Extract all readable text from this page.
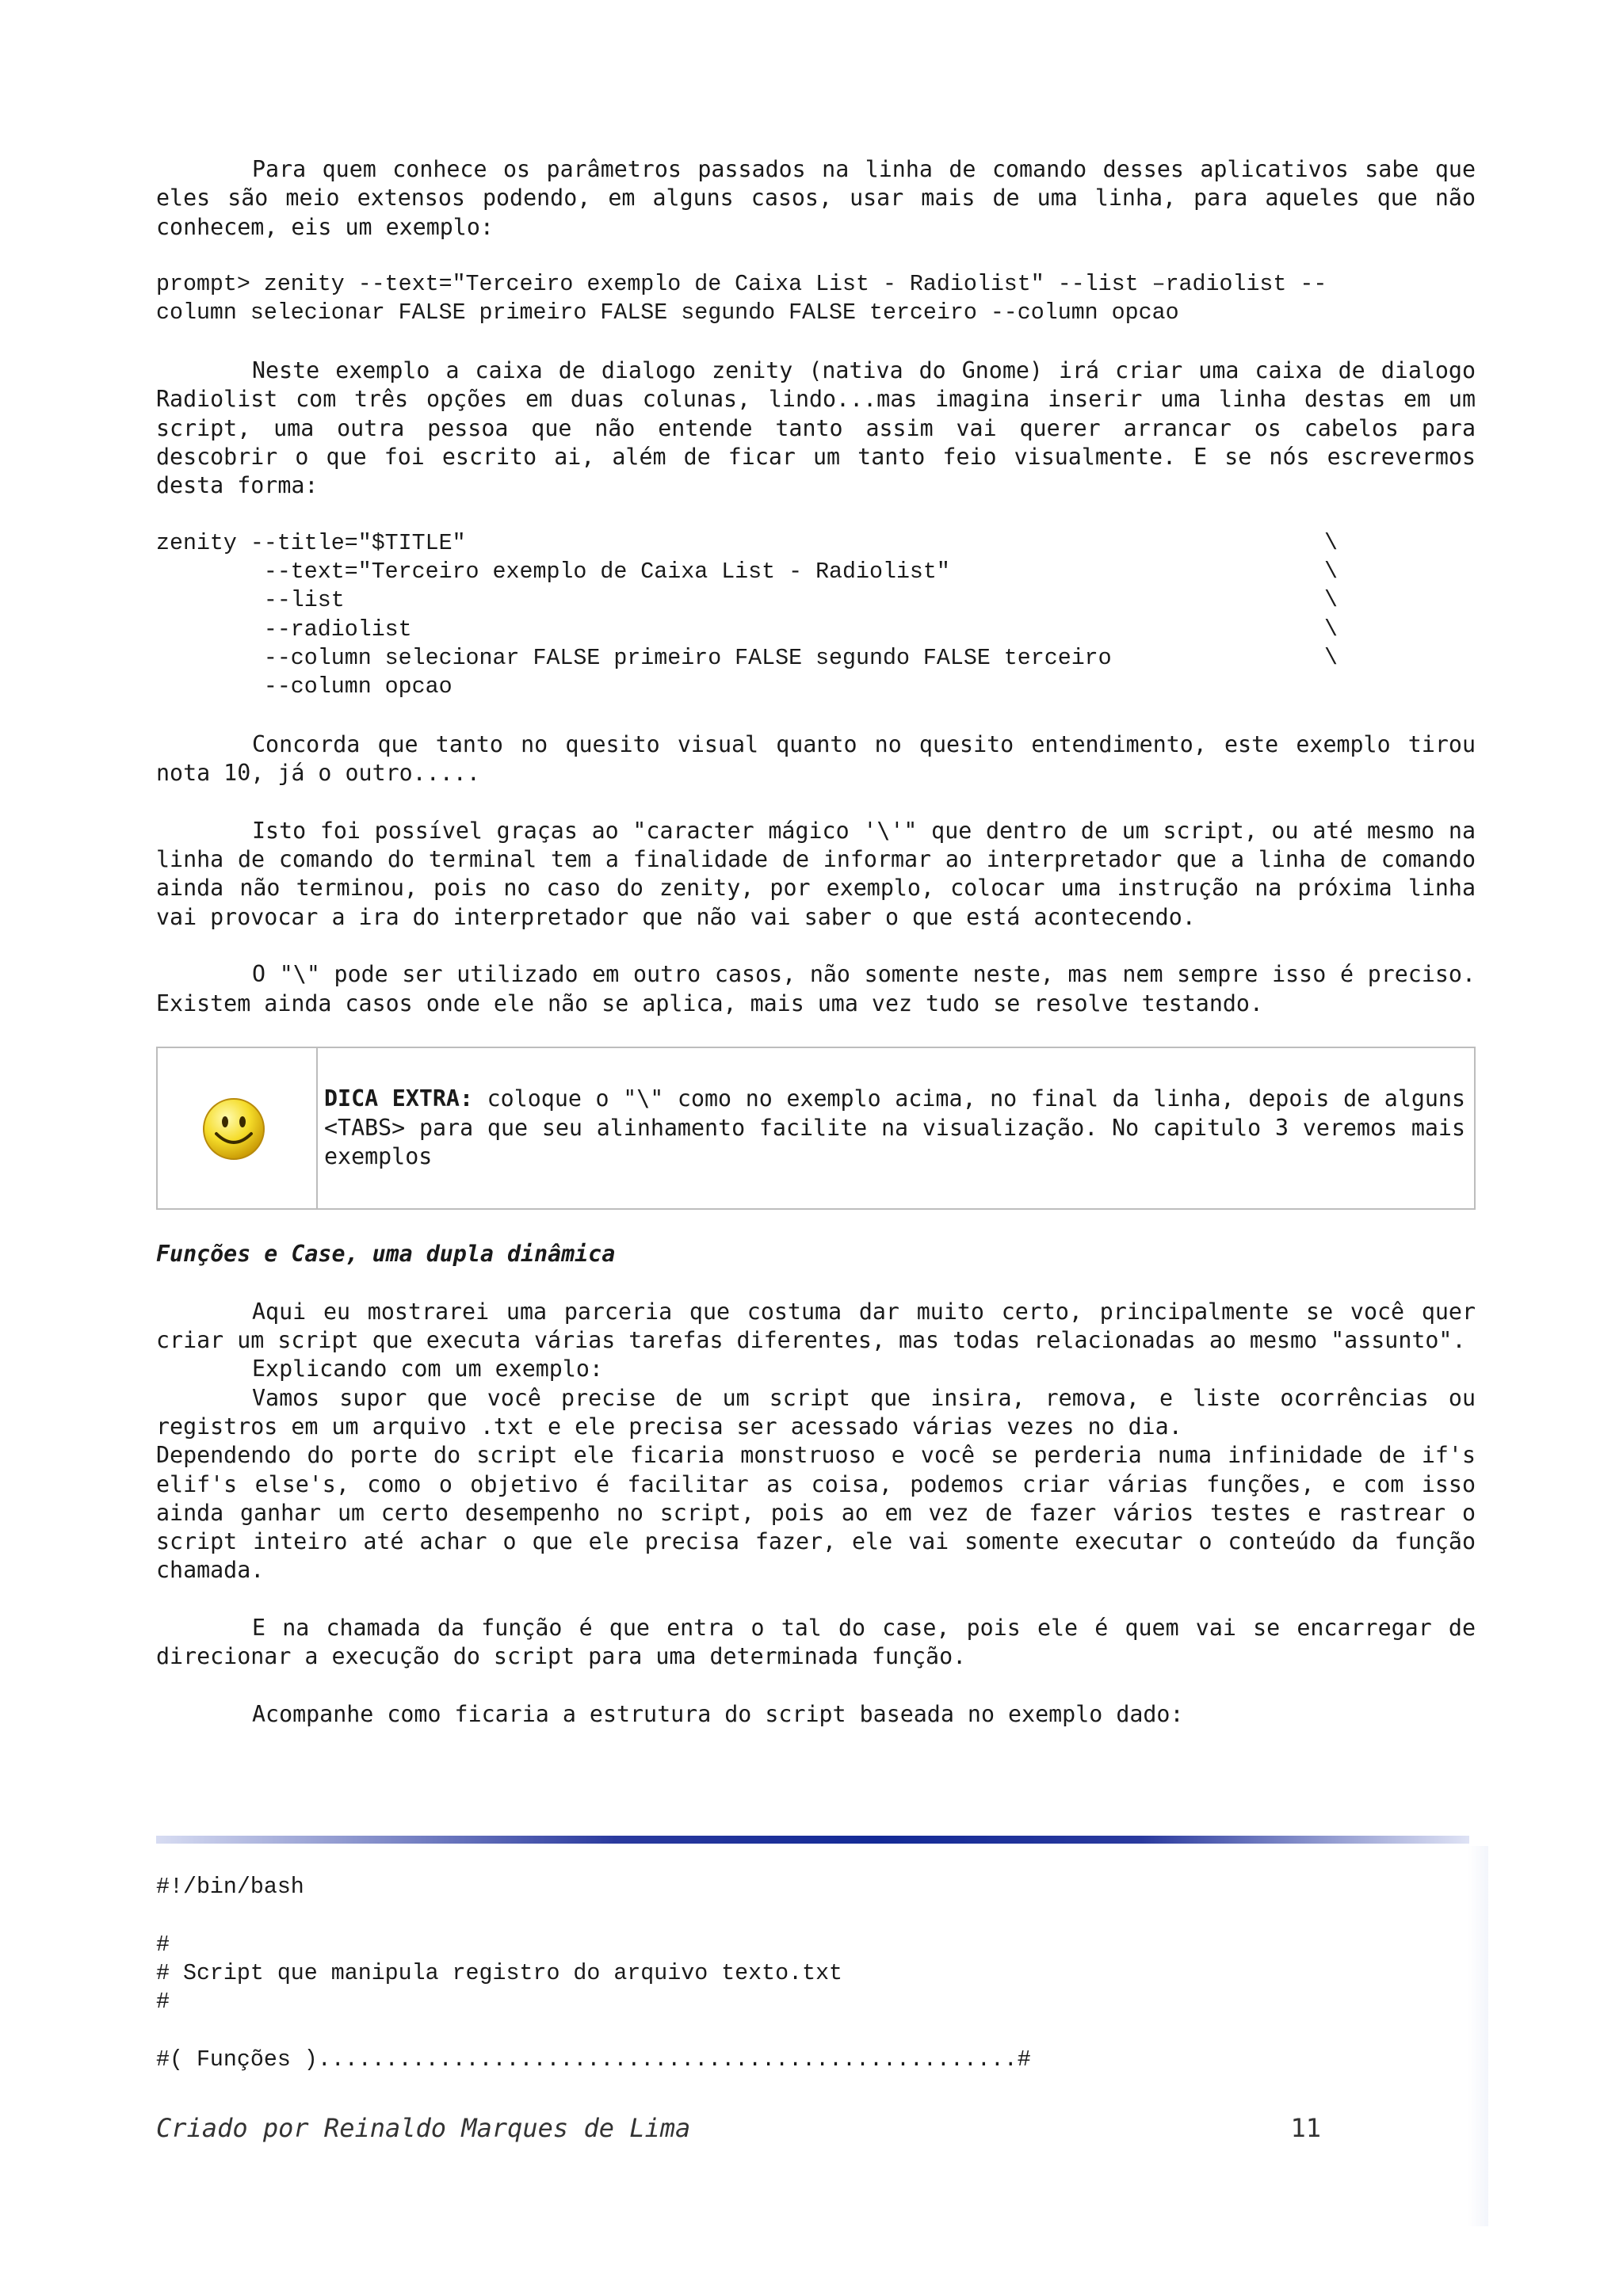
Para quem conhece os parâmetros passados na linha de comando desses aplicativos sabe que eles são meio extensos podendo, em alguns casos, usar mais de uma linha, para aqueles que não conhecem, eis um exemplo:

prompt> zenity --text="Terceiro exemplo de Caixa List - Radiolist" --list –radiolist --
column selecionar FALSE primeiro FALSE segundo FALSE terceiro --column opcao

Neste exemplo a caixa de dialogo zenity (nativa do Gnome) irá criar uma caixa de dialogo Radiolist com três opções em duas colunas, lindo...mas imagina inserir uma linha destas em um script, uma outra pessoa que não entende tanto assim vai querer arrancar os cabelos para descobrir o que foi escrito ai, além de ficar um tanto feio visualmente. E se nós escrevermos desta forma:

zenity --title="$TITLE"	\
--text="Terceiro exemplo de Caixa List - Radiolist"	\
--list	\
--radiolist	\
--column selecionar FALSE primeiro FALSE segundo FALSE terceiro	\
--column opcao

Concorda que tanto no quesito visual quanto no quesito entendimento, este exemplo tirou nota 10, já o outro.....

Isto foi possível graças ao "caracter mágico '\'" que dentro de um script, ou até mesmo na linha de comando do terminal tem a finalidade de informar ao interpretador que a linha de comando ainda não terminou, pois no caso do zenity, por exemplo, colocar uma instrução na próxima linha vai provocar a ira do interpretador que não vai saber o que está acontecendo.

O "\" pode ser utilizado em outro casos, não somente neste, mas nem sempre isso é preciso. Existem ainda casos onde ele não se aplica, mais uma vez tudo se resolve testando.

DICA EXTRA: coloque o "\" como no exemplo acima, no final da linha, depois de alguns <TABS> para que seu alinhamento facilite na visualização. No capitulo 3 veremos mais exemplos
Funções e Case, uma dupla dinâmica

Aqui eu mostrarei uma parceria que costuma dar muito certo, principalmente se você quer criar um script que executa várias tarefas diferentes, mas todas relacionadas ao mesmo "assunto".

Explicando com um exemplo:

Vamos supor que você precise de um script que insira, remova, e liste ocorrências ou registros em um arquivo .txt e ele precisa ser acessado várias vezes no dia.

Dependendo do porte do script ele ficaria monstruoso e você se perderia numa infinidade de if's elif's else's, como o objetivo é facilitar as coisa, podemos criar várias funções, e com isso ainda ganhar um certo desempenho no script, pois ao em vez de fazer vários testes e rastrear o script inteiro até achar o que ele precisa fazer, ele vai somente executar o conteúdo da função chamada.

E na chamada da função é que entra o tal do case, pois ele é quem vai se encarregar de direcionar a execução do script para uma determinada função.

Acompanhe como ficaria a estrutura do script baseada no exemplo dado:

#!/bin/bash
#
# Script que manipula registro do arquivo texto.txt
#
#( Funções )....................................................#
Criado por Reinaldo Marques de Lima	11
